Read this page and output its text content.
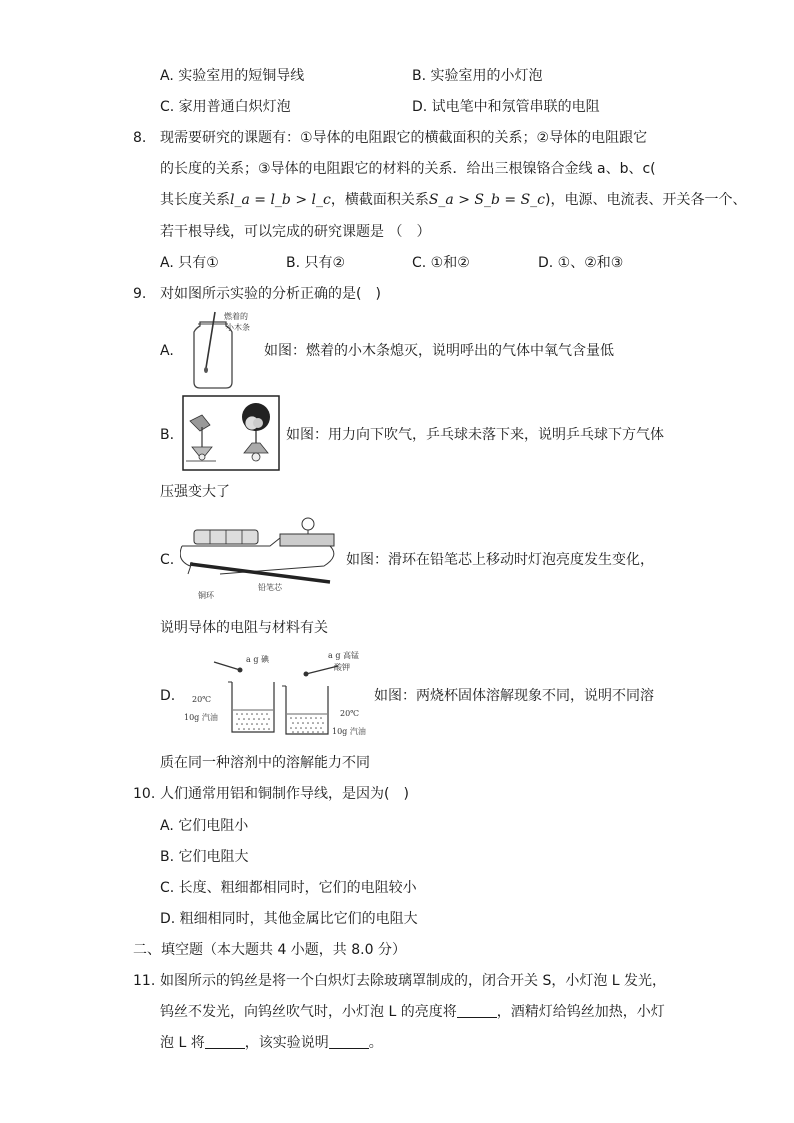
A. 实验室用的短铜导线	B. 实验室用的小灯泡
C. 家用普通白炽灯泡	D. 试电笔中和氖管串联的电阻
8. 现需要研究的课题有：①导体的电阻跟它的横截面积的关系；②导体的电阻跟它
的长度的关系；③导体的电阻跟它的材料的关系．给出三根镍铬合金线 a、b、c(
其长度关系l_a = l_b > l_c，横截面积关系S_a > S_b = S_c)，电源、电流表、开关各一个、
若干根导线，可以完成的研究课题是 （　）
A. 只有①	B. 只有②	C. ①和②	D. ①、②和③
9. 对如图所示实验的分析正确的是(　)
A.
燃着的
小木条
如图：燃着的小木条熄灭，说明呼出的气体中氧气含量低
B.	如图：用力向下吹气，乒乓球未落下来，说明乒乓球下方气体
压强变大了
C.
铅笔芯
铜环
如图：滑环在铅笔芯上移动时灯泡亮度发生变化，
说明导体的电阻与材料有关
D.
a g 碘
20℃
10g 汽油
a g 高锰
酸钾
20℃
10g 汽油
如图：两烧杯固体溶解现象不同，说明不同溶
质在同一种溶剂中的溶解能力不同
10. 人们通常用铝和铜制作导线，是因为(　)
A. 它们电阻小
B. 它们电阻大
C. 长度、粗细都相同时，它们的电阻较小
D. 粗细相同时，其他金属比它们的电阻大
二、填空题（本大题共 4 小题，共 8.0 分）
11. 如图所示的钨丝是将一个白炽灯去除玻璃罩制成的，闭合开关 S，小灯泡 L 发光，
钨丝不发光，向钨丝吹气时，小灯泡 L 的亮度将	，酒精灯给钨丝加热，小灯
泡 L 将	，该实验说明	。
